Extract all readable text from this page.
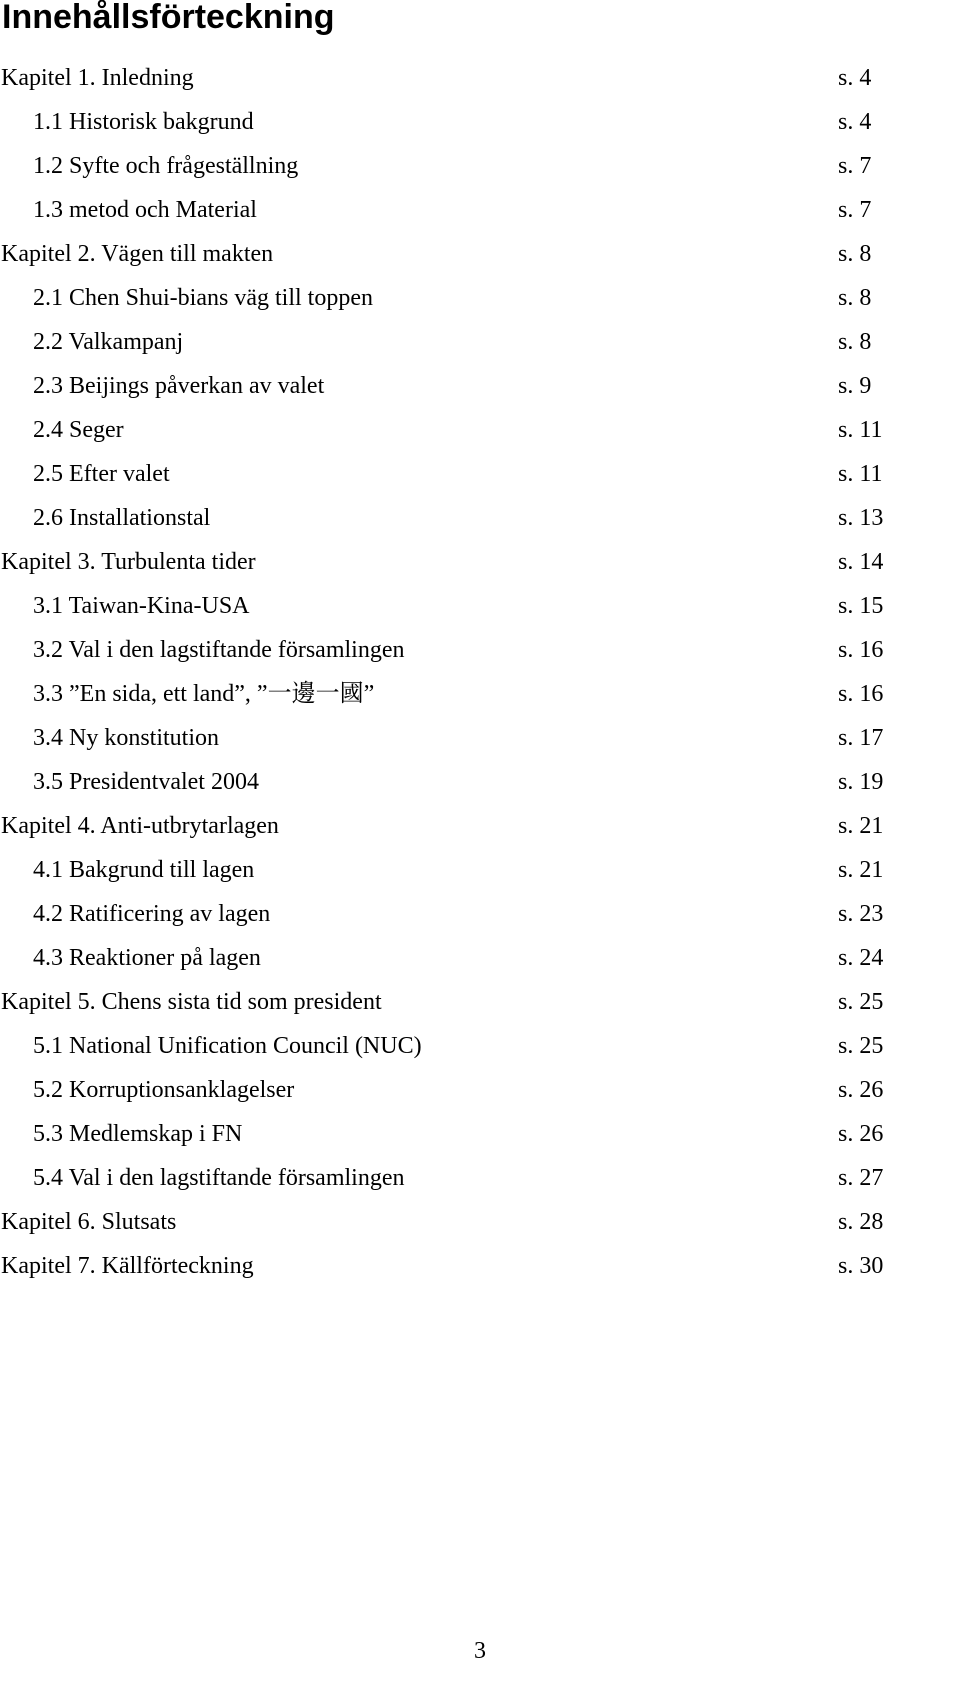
Innehållsförteckning
Kapitel 1. Inledning	s. 4
1.1 Historisk bakgrund	s. 4
1.2 Syfte och frågeställning	s. 7
1.3 metod och Material	s. 7
Kapitel 2. Vägen till makten	s. 8
2.1 Chen Shui-bians väg till toppen	s. 8
2.2 Valkampanj	s. 8
2.3 Beijings påverkan av valet	s. 9
2.4 Seger	s. 11
2.5 Efter valet	s. 11
2.6 Installationstal	s. 13
Kapitel 3. Turbulenta tider	s. 14
3.1 Taiwan-Kina-USA	s. 15
3.2 Val i den lagstiftande församlingen	s. 16
3.3 ”En sida, ett land”, ”一邊一國”	s. 16
3.4 Ny konstitution	s. 17
3.5 Presidentvalet 2004	s. 19
Kapitel 4. Anti-utbrytarlagen	s. 21
4.1 Bakgrund till lagen	s. 21
4.2 Ratificering av lagen	s. 23
4.3 Reaktioner på lagen	s. 24
Kapitel 5. Chens sista tid som president	s. 25
5.1 National Unification Council (NUC)	s. 25
5.2 Korruptionsanklagelser	s. 26
5.3 Medlemskap i FN	s. 26
5.4 Val i den lagstiftande församlingen	s. 27
Kapitel 6. Slutsats	s. 28
Kapitel 7. Källförteckning	s. 30
3
